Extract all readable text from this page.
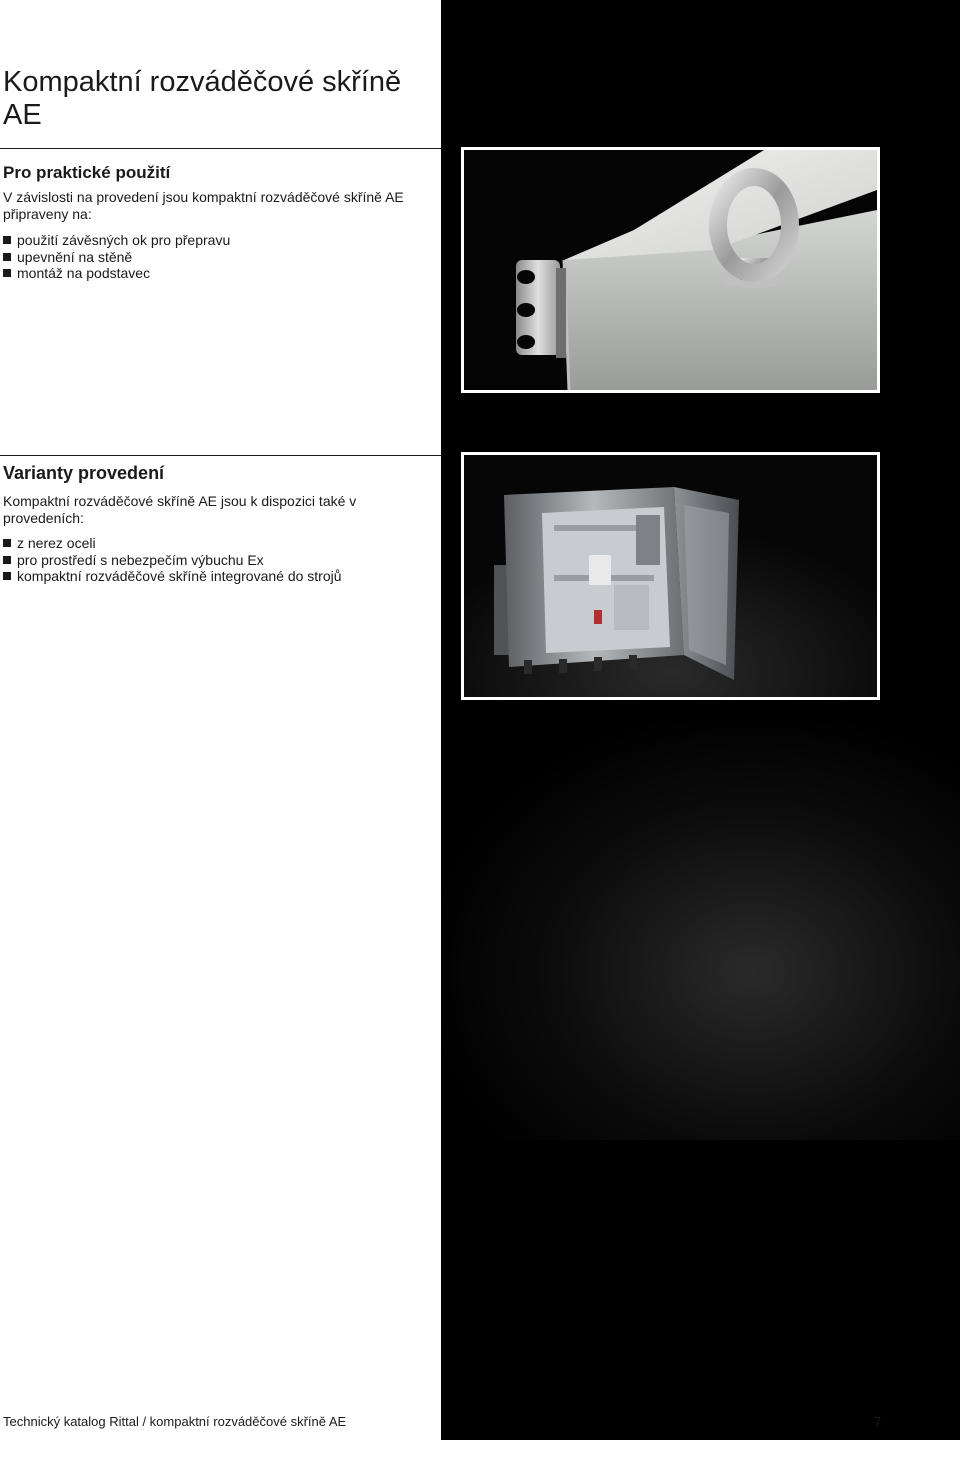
Kompaktní rozváděčové skříně AE
Pro praktické použití

V závislosti na provedení jsou kompaktní rozváděčové skříně AE připraveny na:

použití závěsných ok pro přepravu
upevnění na stěně
montáž na podstavec
Varianty provedení

Kompaktní rozváděčové skříně AE jsou k dispozici také v provedeních:

z nerez oceli
pro prostředí s nebezpečím výbuchu Ex
kompaktní rozváděčové skříně integrované do strojů
Technický katalog Rittal / kompaktní rozváděčové skříně AE	7
